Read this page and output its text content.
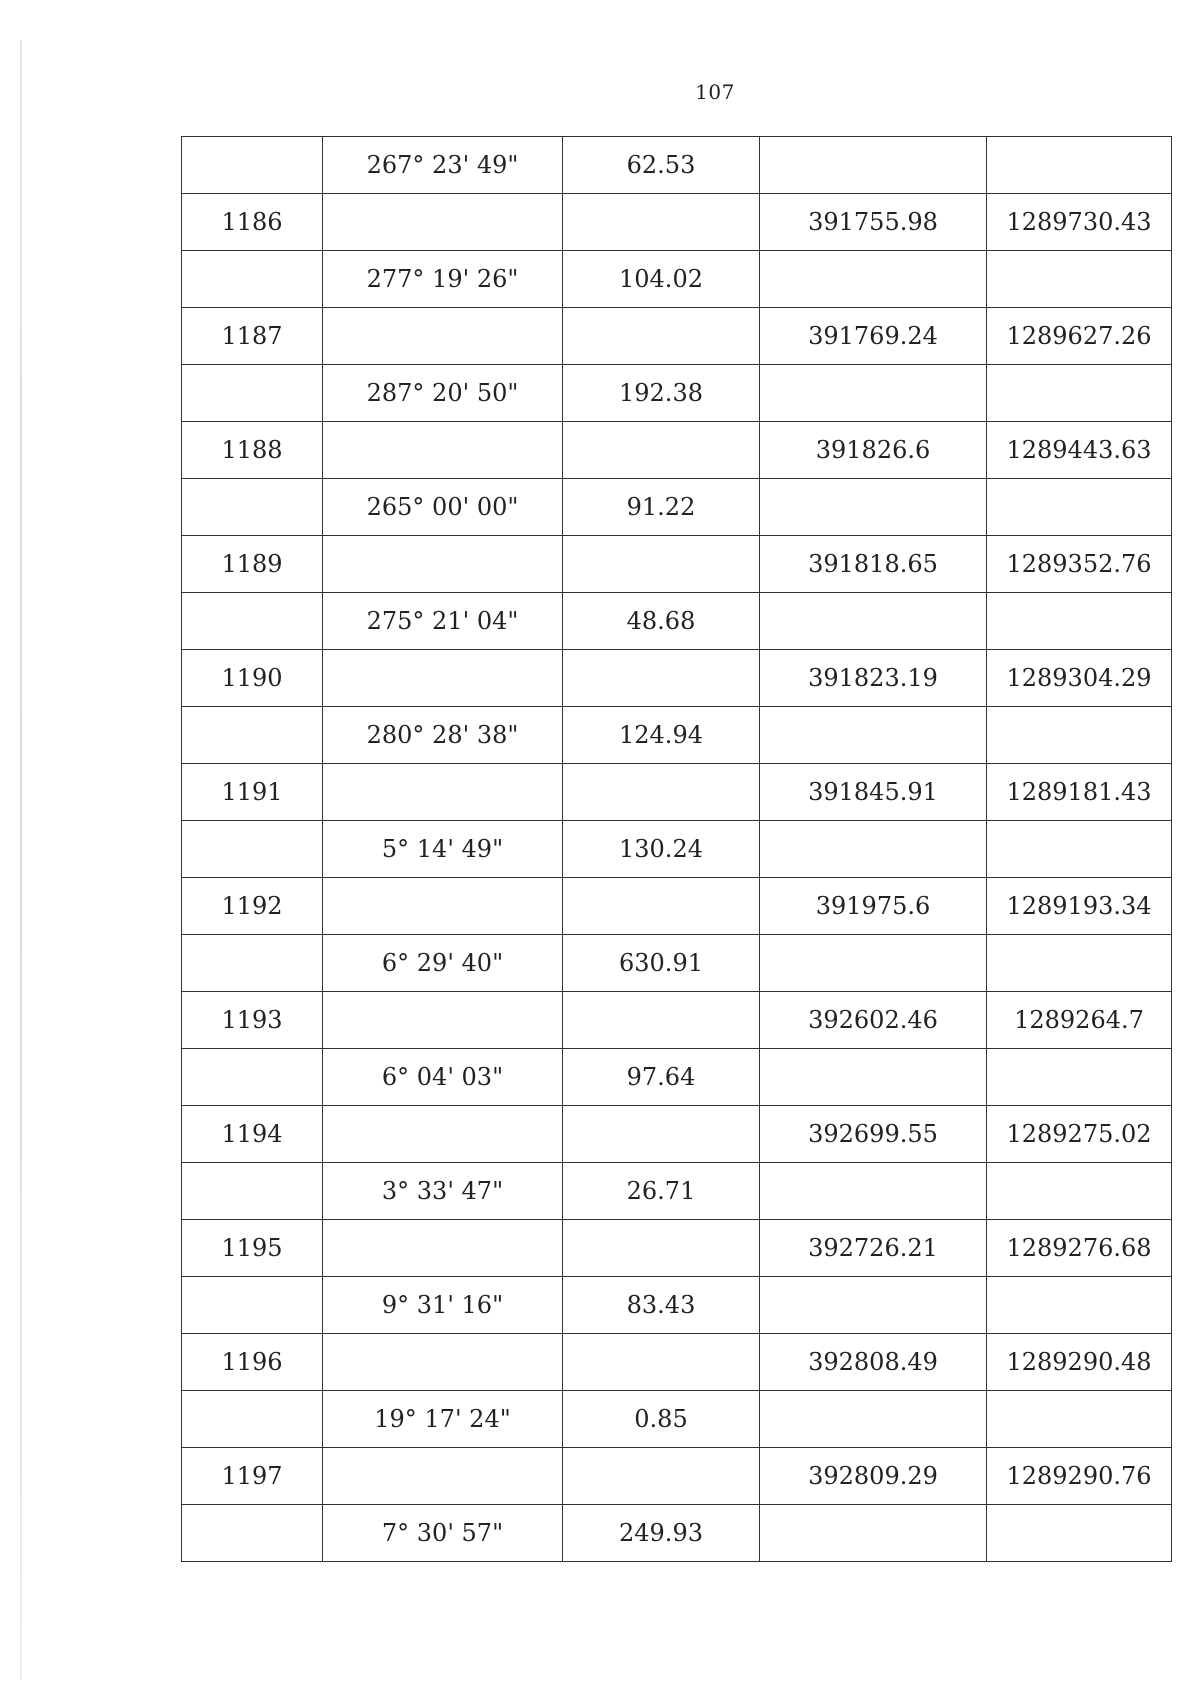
107
	267° 23' 49"	62.53		
1186			391755.98	1289730.43
	277° 19' 26"	104.02		
1187			391769.24	1289627.26
	287° 20' 50"	192.38		
1188			391826.6	1289443.63
	265° 00' 00"	91.22		
1189			391818.65	1289352.76
	275° 21' 04"	48.68		
1190			391823.19	1289304.29
	280° 28' 38"	124.94		
1191			391845.91	1289181.43
	5° 14' 49"	130.24		
1192			391975.6	1289193.34
	6° 29' 40"	630.91		
1193			392602.46	1289264.7
	6° 04' 03"	97.64		
1194			392699.55	1289275.02
	3° 33' 47"	26.71		
1195			392726.21	1289276.68
	9° 31' 16"	83.43		
1196			392808.49	1289290.48
	19° 17' 24"	0.85		
1197			392809.29	1289290.76
	7° 30' 57"	249.93		
